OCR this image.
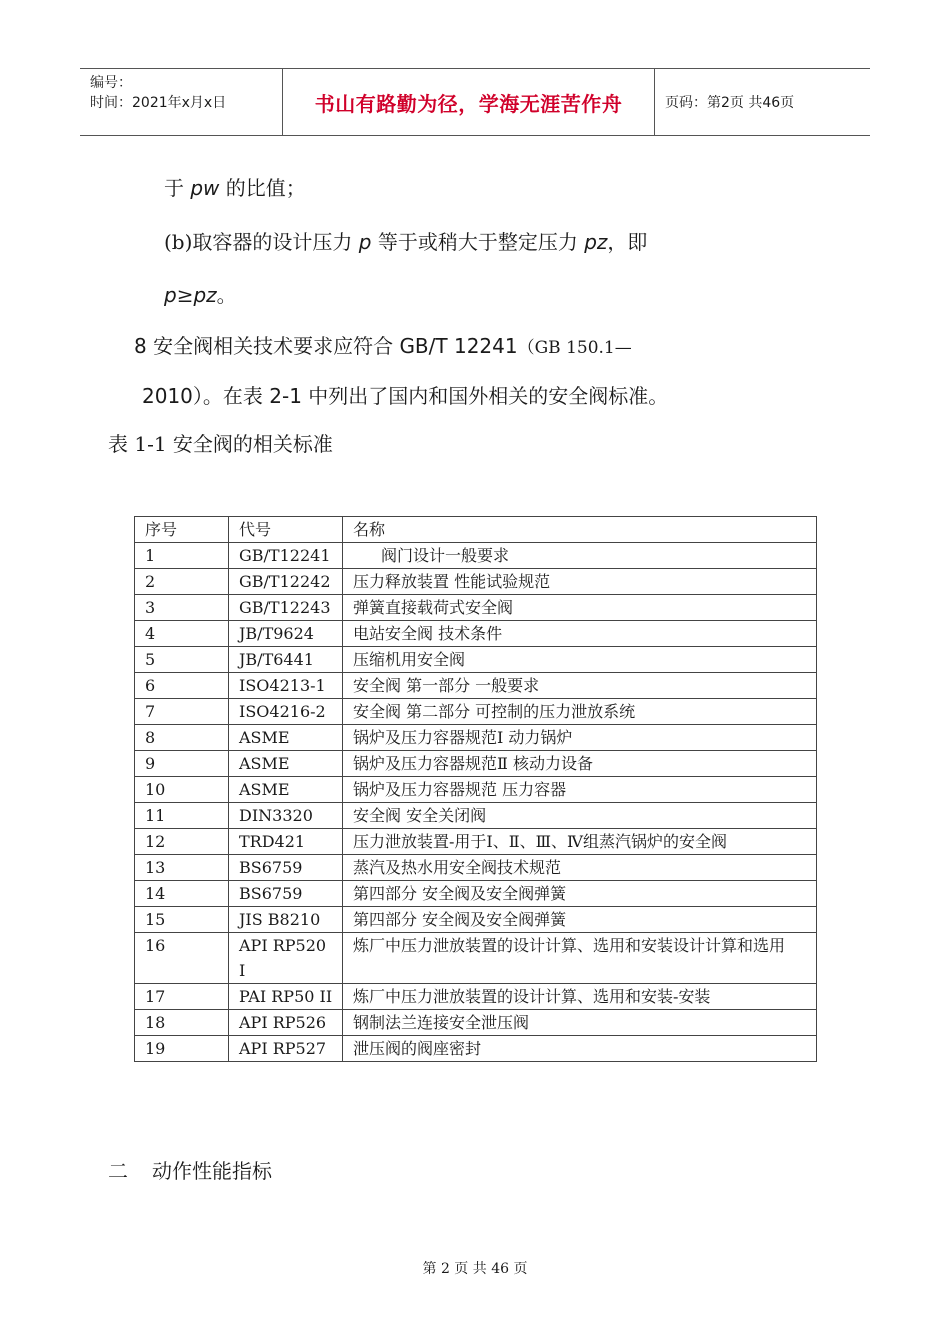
编号：
时间：2021年x月x日	书山有路勤为径，学海无涯苦作舟	页码：第2页 共46页
于 pw 的比值；
(b)取容器的设计压力 p 等于或稍大于整定压力 pz，即
p≥pz。
8 安全阀相关技术要求应符合 GB/T 12241（GB 150.1—
2010）。在表 2-1 中列出了国内和国外相关的安全阀标准。
表 1-1 安全阀的相关标准
序号	代号	名称
1	GB/T12241	阀门设计一般要求
2	GB/T12242	压力释放装置 性能试验规范
3	GB/T12243	弹簧直接载荷式安全阀
4	JB/T9624	电站安全阀 技术条件
5	JB/T6441	压缩机用安全阀
6	ISO4213-1	安全阀 第一部分 一般要求
7	ISO4216-2	安全阀 第二部分 可控制的压力泄放系统
8	ASME	锅炉及压力容器规范Ⅰ 动力锅炉
9	ASME	锅炉及压力容器规范Ⅱ 核动力设备
10	ASME	锅炉及压力容器规范 压力容器
11	DIN3320	安全阀 安全关闭阀
12	TRD421	压力泄放装置-用于Ⅰ、Ⅱ、Ⅲ、Ⅳ组蒸汽锅炉的安全阀
13	BS6759	蒸汽及热水用安全阀技术规范
14	BS6759	第四部分 安全阀及安全阀弹簧
15	JIS B8210	第四部分 安全阀及安全阀弹簧
16	API RP520 I	炼厂中压力泄放装置的设计计算、选用和安装设计计算和选用
17	PAI RP50 II	炼厂中压力泄放装置的设计计算、选用和安装-安装
18	API RP526	钢制法兰连接安全泄压阀
19	API RP527	泄压阀的阀座密封
二 动作性能指标
第 2 页 共 46 页
